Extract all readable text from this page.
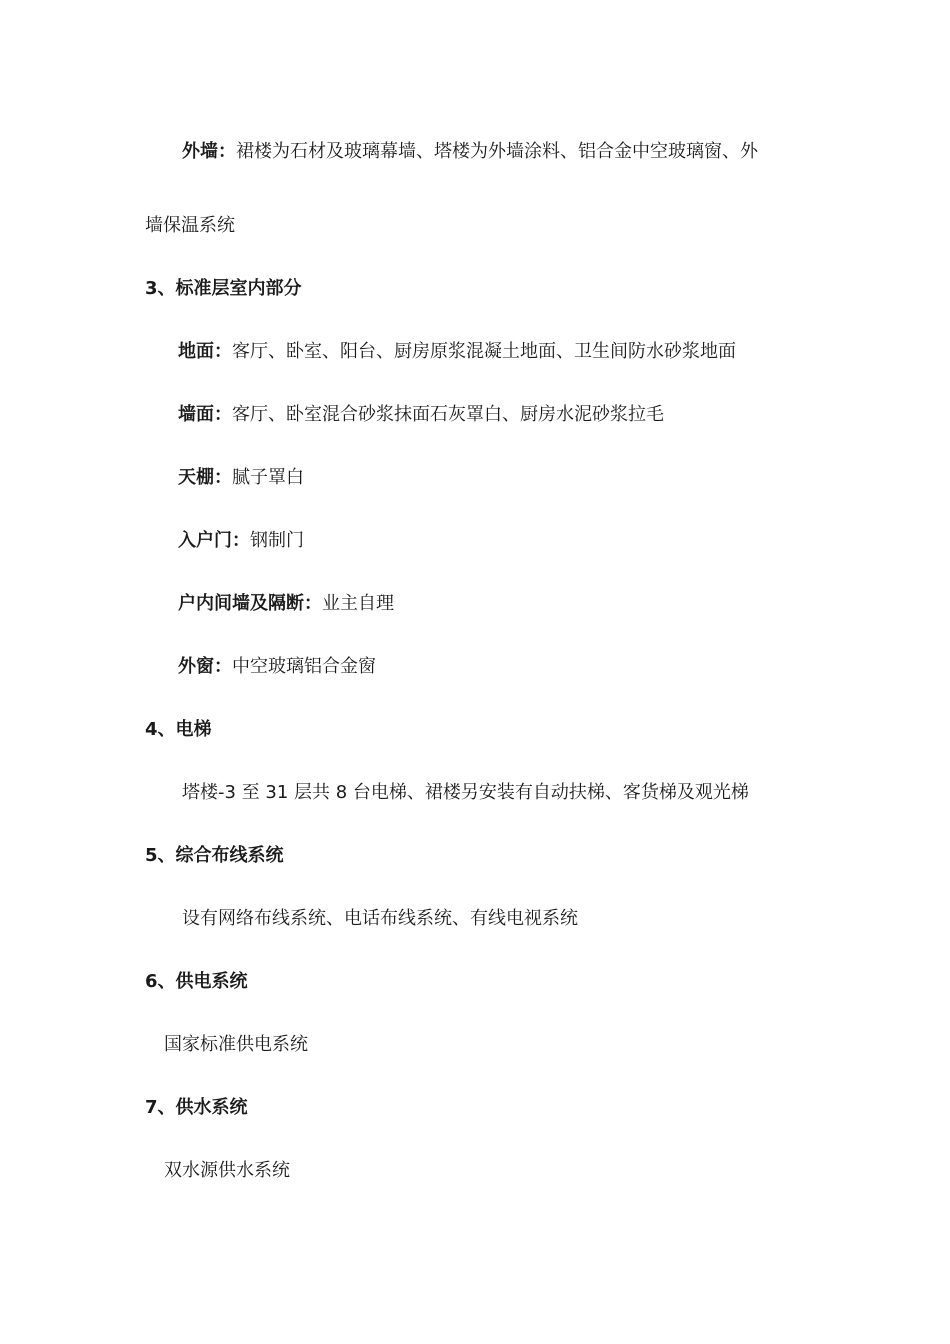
外墙：裙楼为石材及玻璃幕墙、塔楼为外墙涂料、铝合金中空玻璃窗、外
墙保温系统
3、标准层室内部分
地面：客厅、卧室、阳台、厨房原浆混凝土地面、卫生间防水砂浆地面
墙面：客厅、卧室混合砂浆抹面石灰罩白、厨房水泥砂浆拉毛
天棚：腻子罩白
入户门：钢制门
户内间墙及隔断：业主自理
外窗：中空玻璃铝合金窗
4、电梯
塔楼-3 至 31 层共 8 台电梯、裙楼另安装有自动扶梯、客货梯及观光梯
5、综合布线系统
设有网络布线系统、电话布线系统、有线电视系统
6、供电系统
国家标准供电系统
7、供水系统
双水源供水系统
